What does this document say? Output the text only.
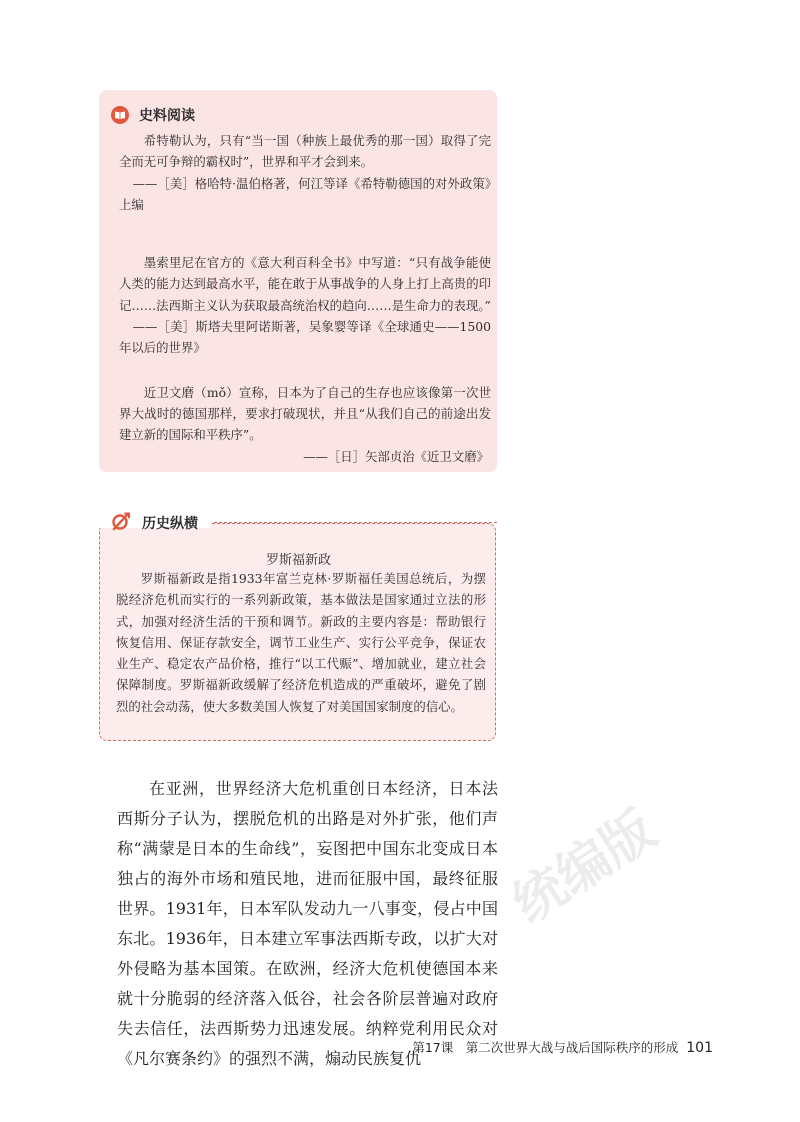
史料阅读

希特勒认为，只有“当一国（种族上最优秀的那一国）取得了完全而无可争辩的霸权时”，世界和平才会到来。

——［美］格哈特·温伯格著，何江等译《希特勒德国的对外政策》上编

墨索里尼在官方的《意大利百科全书》中写道：“只有战争能使人类的能力达到最高水平，能在敢于从事战争的人身上打上高贵的印记……法西斯主义认为获取最高统治权的趋向……是生命力的表现。”

——［美］斯塔夫里阿诺斯著，吴象婴等译《全球通史——1500年以后的世界》

近卫文磨（mǒ）宣称，日本为了自己的生存也应该像第一次世界大战时的德国那样，要求打破现状，并且“从我们自己的前途出发建立新的国际和平秩序”。

——［日］矢部贞治《近卫文磨》

罗斯福新政

罗斯福新政是指1933年富兰克林·罗斯福任美国总统后，为摆脱经济危机而实行的一系列新政策，基本做法是国家通过立法的形式，加强对经济生活的干预和调节。新政的主要内容是：帮助银行恢复信用、保证存款安全，调节工业生产、实行公平竞争，保证农业生产、稳定农产品价格，推行“以工代赈”、增加就业，建立社会保障制度。罗斯福新政缓解了经济危机造成的严重破坏，避免了剧烈的社会动荡，使大多数美国人恢复了对美国国家制度的信心。

历史纵横

在亚洲，世界经济大危机重创日本经济，日本法西斯分子认为，摆脱危机的出路是对外扩张，他们声称“满蒙是日本的生命线”，妄图把中国东北变成日本独占的海外市场和殖民地，进而征服中国，最终征服世界。1931年，日本军队发动九一八事变，侵占中国东北。1936年，日本建立军事法西斯专政，以扩大对外侵略为基本国策。在欧洲，经济大危机使德国本来就十分脆弱的经济落入低谷，社会各阶层普遍对政府失去信任，法西斯势力迅速发展。纳粹党利用民众对《凡尔赛条约》的强烈不满，煽动民族复仇

统编版
第17课　第二次世界大战与战后国际秩序的形成 101
